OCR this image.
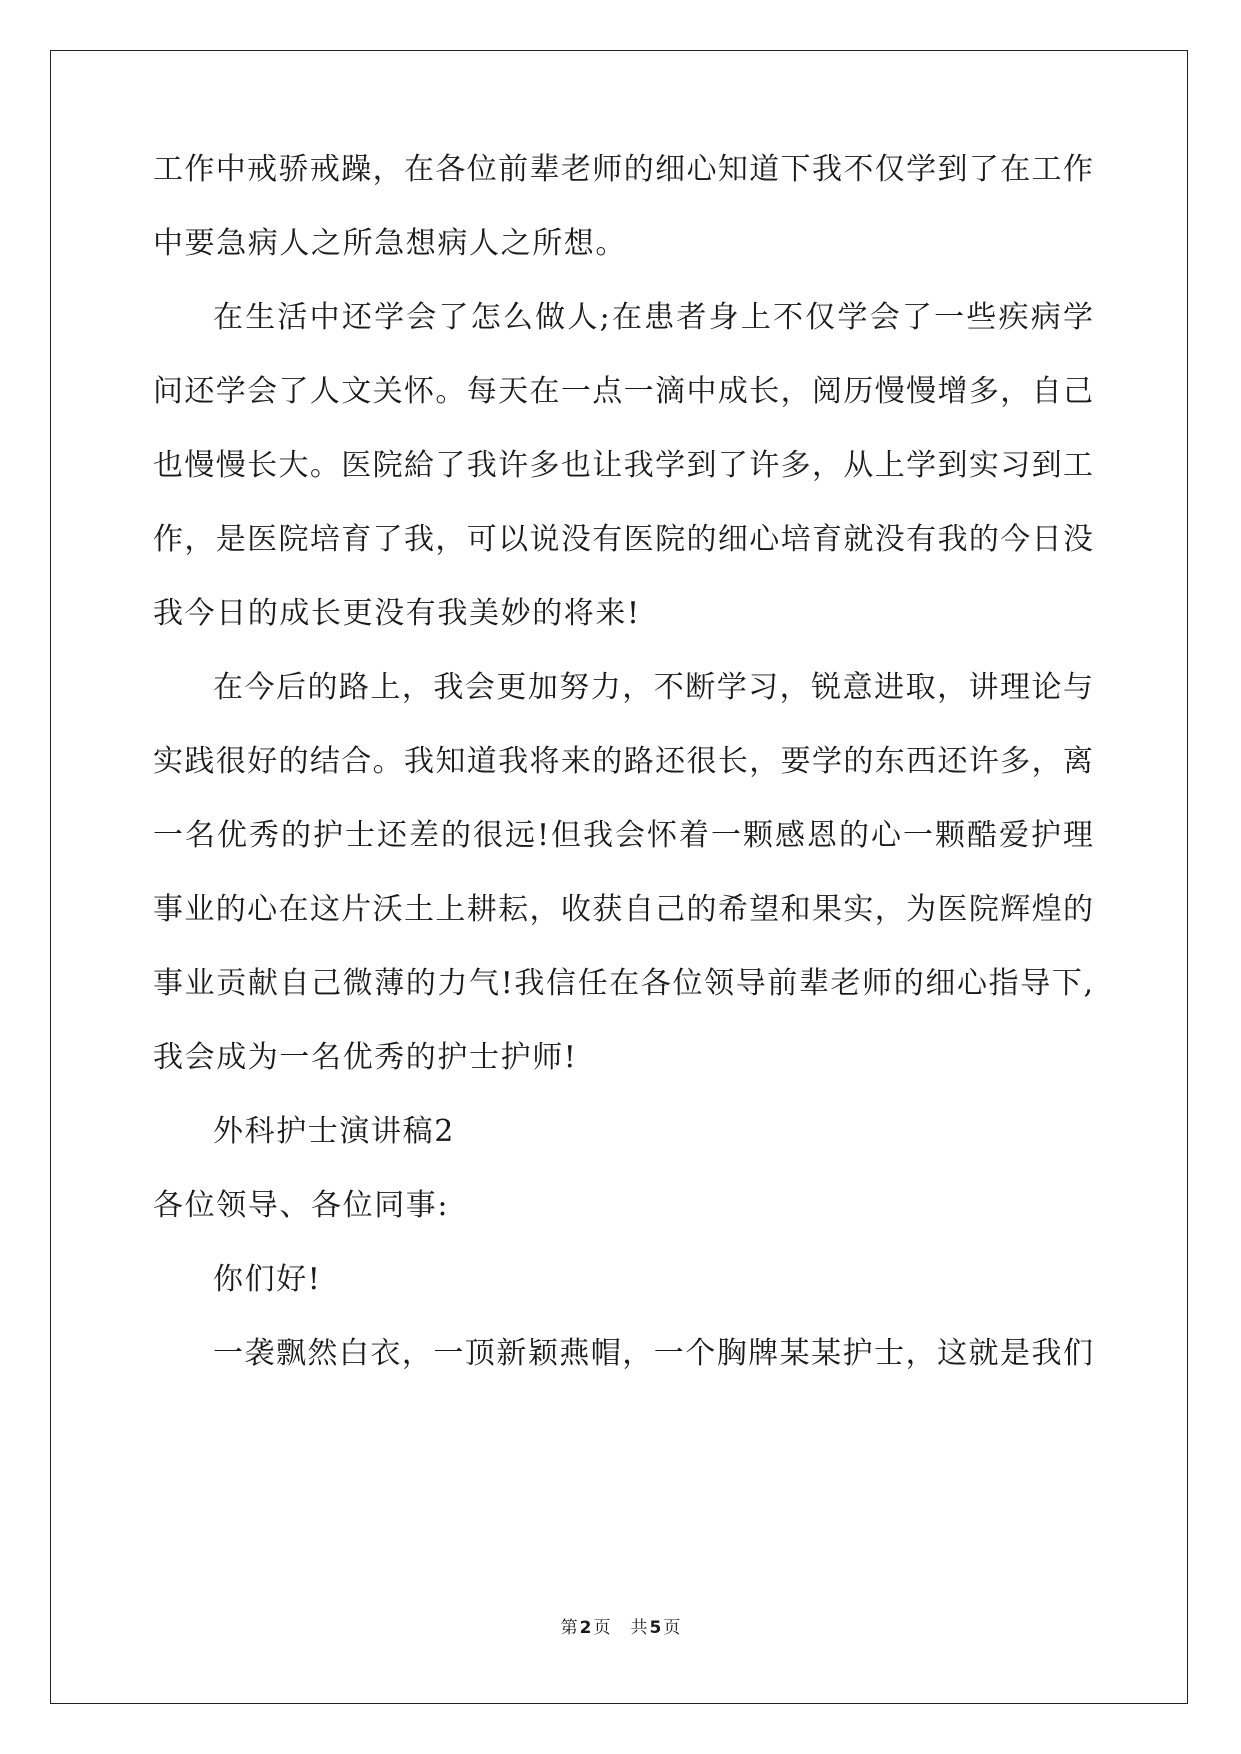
工作中戒骄戒躁，在各位前辈老师的细心知道下我不仅学到了在工作
中要急病人之所急想病人之所想。
在生活中还学会了怎么做人;在患者身上不仅学会了一些疾病学
问还学会了人文关怀。每天在一点一滴中成长，阅历慢慢增多，自己
也慢慢长大。医院給了我许多也让我学到了许多，从上学到实习到工
作，是医院培育了我，可以说没有医院的细心培育就没有我的今日没
我今日的成长更没有我美妙的将来!
在今后的路上，我会更加努力，不断学习，锐意进取，讲理论与
实践很好的结合。我知道我将来的路还很长，要学的东西还许多，离
一名优秀的护士还差的很远!但我会怀着一颗感恩的心一颗酷爱护理
事业的心在这片沃土上耕耘，收获自己的希望和果实，为医院辉煌的
事业贡献自己微薄的力气!我信任在各位领导前辈老师的细心指导下,
我会成为一名优秀的护士护师!
外科护士演讲稿2
各位领导、各位同事:
你们好!
一袭飘然白衣，一顶新颖燕帽，一个胸牌某某护士，这就是我们
第 2 页 共 5 页
